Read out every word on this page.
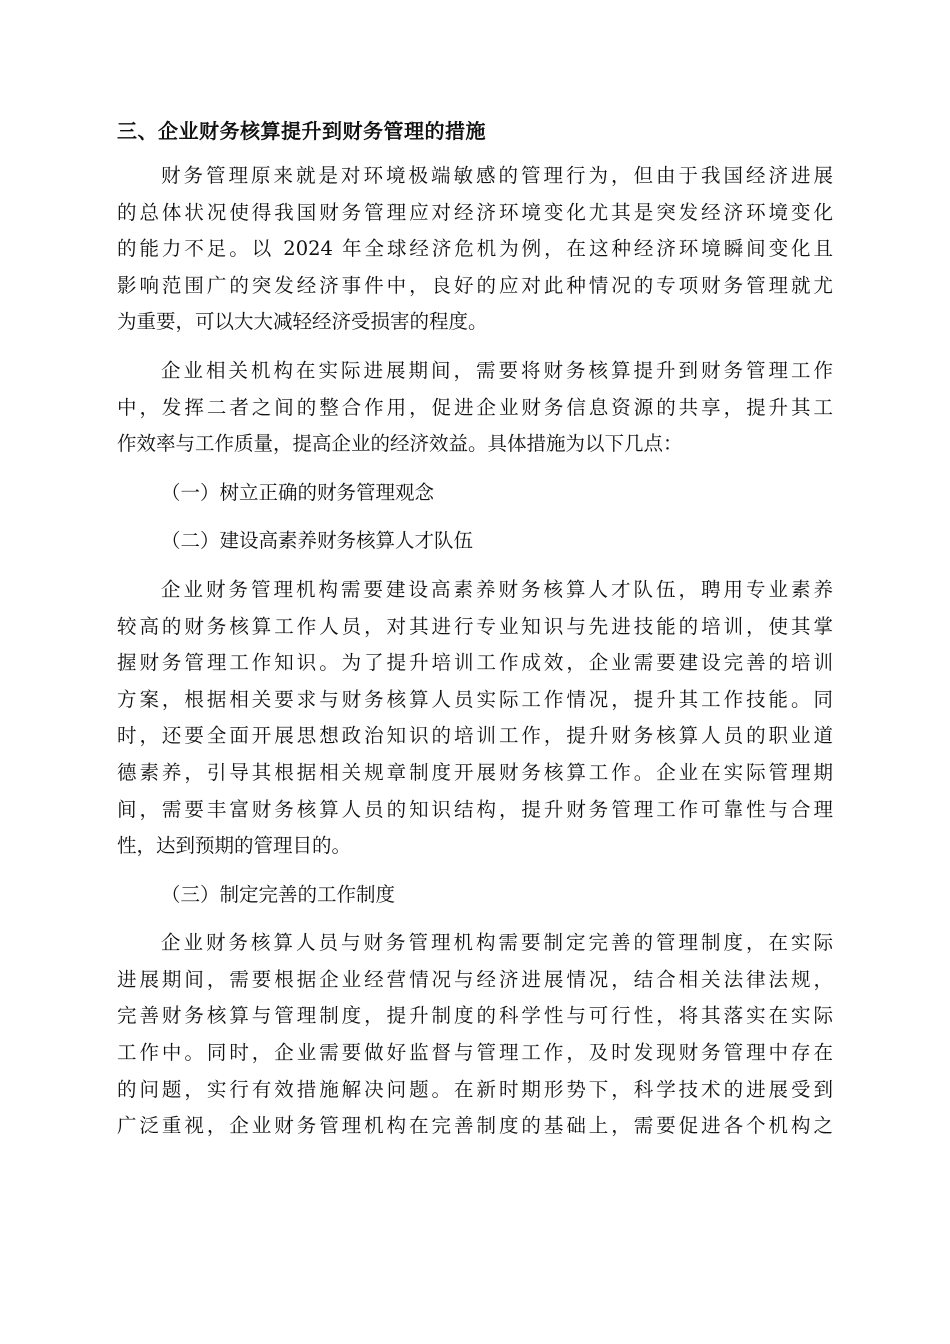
三、企业财务核算提升到财务管理的措施
财务管理原来就是对环境极端敏感的管理行为，但由于我国经济进展
的总体状况使得我国财务管理应对经济环境变化尤其是突发经济环境变化
的能力不足。以 2024 年全球经济危机为例，在这种经济环境瞬间变化且
影响范围广的突发经济事件中，良好的应对此种情况的专项财务管理就尤
为重要，可以大大减轻经济受损害的程度。
企业相关机构在实际进展期间，需要将财务核算提升到财务管理工作
中，发挥二者之间的整合作用，促进企业财务信息资源的共享，提升其工
作效率与工作质量，提高企业的经济效益。具体措施为以下几点：
（一）树立正确的财务管理观念
（二）建设高素养财务核算人才队伍
企业财务管理机构需要建设高素养财务核算人才队伍，聘用专业素养
较高的财务核算工作人员，对其进行专业知识与先进技能的培训，使其掌
握财务管理工作知识。为了提升培训工作成效，企业需要建设完善的培训
方案，根据相关要求与财务核算人员实际工作情况，提升其工作技能。同
时，还要全面开展思想政治知识的培训工作，提升财务核算人员的职业道
德素养，引导其根据相关规章制度开展财务核算工作。企业在实际管理期
间，需要丰富财务核算人员的知识结构，提升财务管理工作可靠性与合理
性，达到预期的管理目的。
（三）制定完善的工作制度
企业财务核算人员与财务管理机构需要制定完善的管理制度，在实际
进展期间，需要根据企业经营情况与经济进展情况，结合相关法律法规，
完善财务核算与管理制度，提升制度的科学性与可行性，将其落实在实际
工作中。同时，企业需要做好监督与管理工作，及时发现财务管理中存在
的问题，实行有效措施解决问题。在新时期形势下，科学技术的进展受到
广泛重视，企业财务管理机构在完善制度的基础上，需要促进各个机构之
